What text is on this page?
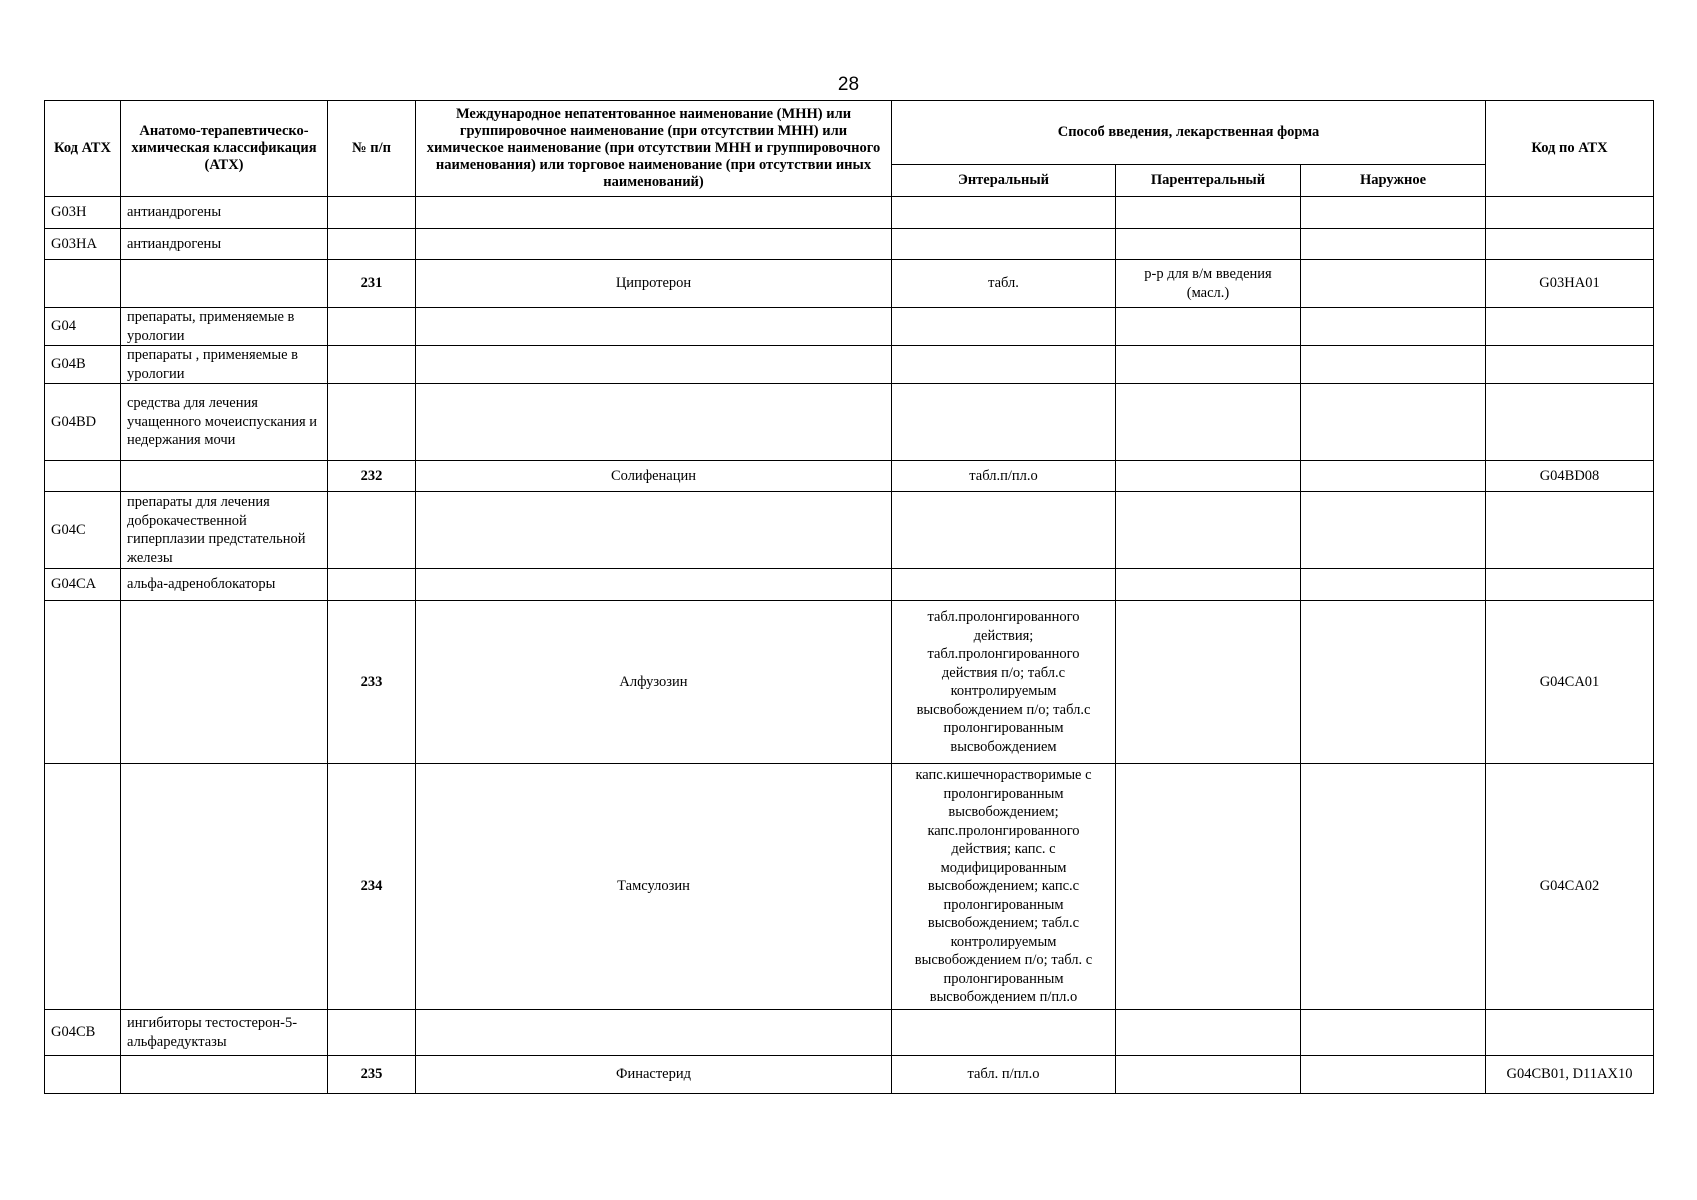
28
Код АТХ	Анатомо-терапевтическо-химическая классификация (АТХ)	№ п/п	Международное непатентованное наименование (МНН) или группировочное наименование (при отсутствии МНН) или химическое наименование (при отсутствии МНН и группировочного наименования) или торговое наименование (при отсутствии иных наименований)	Способ введения, лекарственная форма			Код по АТХ
				Энтеральный	Парентеральный	Наружное	
G03H	антиандрогены						
G03HA	антиандрогены						
		231	Ципротерон	табл.	р-р для в/м введения (масл.)		G03HA01
G04	препараты, применяемые в урологии						
G04B	препараты , применяемые в урологии						
G04BD	средства для лечения учащенного мочеиспускания и недержания мочи						
		232	Солифенацин	табл.п/пл.о			G04BD08
G04C	препараты для лечения доброкачественной гиперплазии предстательной железы						
G04CA	альфа-адреноблокаторы						
		233	Алфузозин	табл.пролонгированного действия; табл.пролонгированного действия п/о; табл.с контролируемым высвобождением п/о; табл.с пролонгированным высвобождением			G04CA01
		234	Тамсулозин	капс.кишечнорастворимые с пролонгированным высвобождением; капс.пролонгированного действия; капс. с модифицированным высвобождением; капс.с пролонгированным высвобождением; табл.с контролируемым высвобождением п/о; табл. с пролонгированным высвобождением п/пл.о			G04CA02
G04CB	ингибиторы тестостерон-5-альфаредуктазы						
		235	Финастерид	табл. п/пл.о			G04CB01, D11AX10
